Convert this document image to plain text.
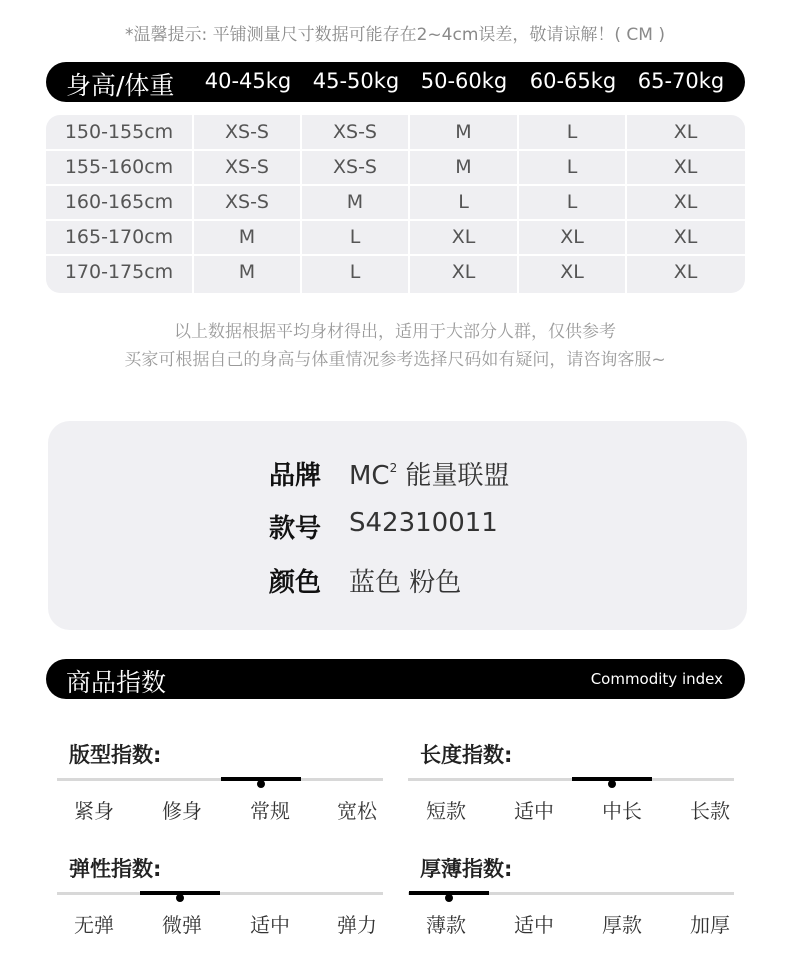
*温馨提示: 平铺测量尺寸数据可能存在2~4cm误差，敬请谅解！( CM )
身高/体重	40-45kg	45-50kg	50-60kg	60-65kg	65-70kg
150-155cm	XS-S	XS-S	M	L	XL
155-160cm	XS-S	XS-S	M	L	XL
160-165cm	XS-S	M	L	L	XL
165-170cm	M	L	XL	XL	XL
170-175cm	M	L	XL	XL	XL
以上数据根据平均身材得出，适用于大部分人群，仅供参考
买家可根据自己的身高与体重情况参考选择尺码如有疑问，请咨询客服~
品牌 $MC^2$ 能量联盟
款号 S42310011
颜色 蓝色 粉色
商品指数	Commodity index
版型指数:
紧身	修身	常规	宽松
长度指数:
短款	适中	中长	长款
弹性指数:
无弹	微弹	适中	弹力
厚薄指数:
薄款	适中	厚款	加厚
